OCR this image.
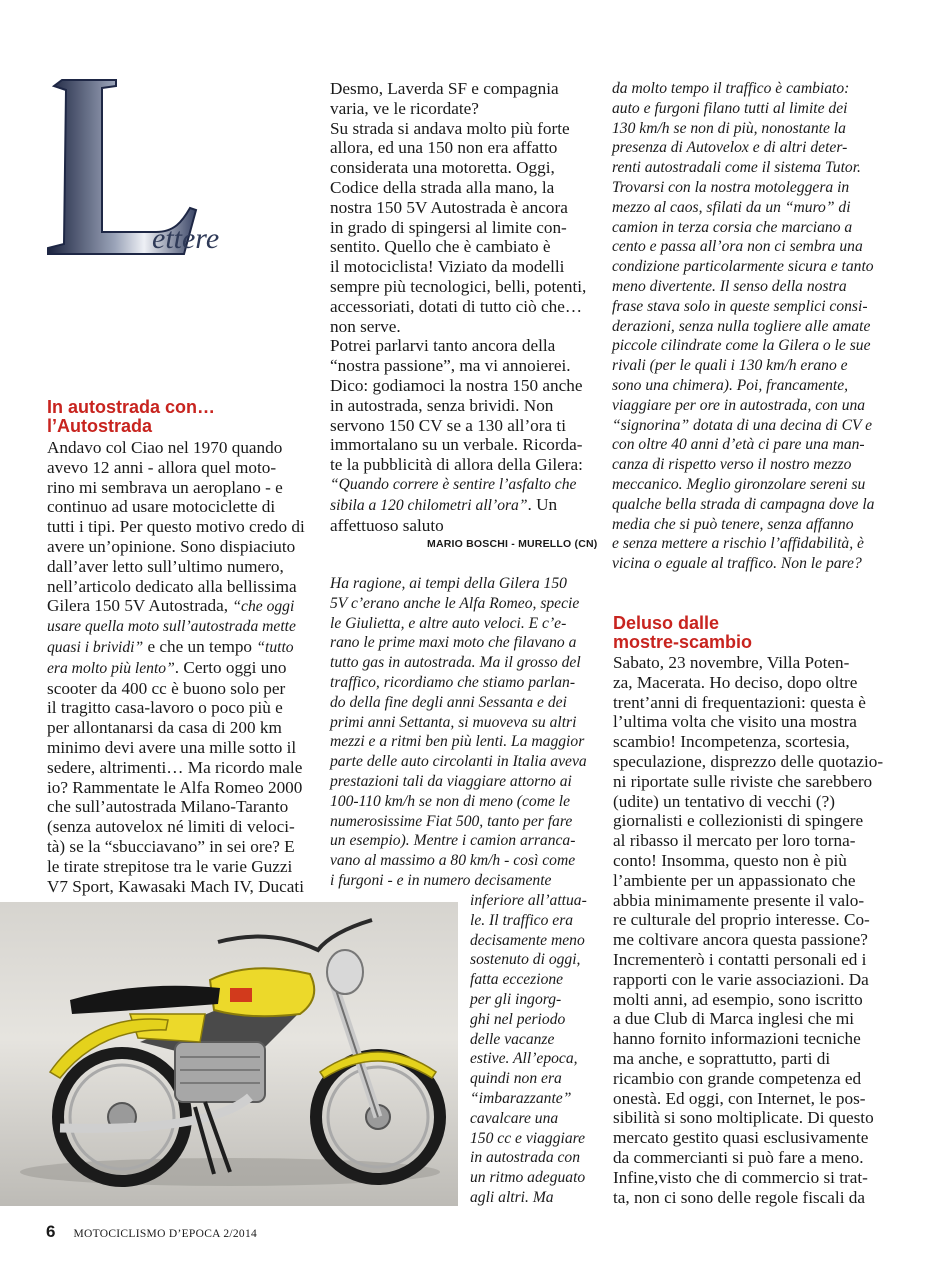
ettere
In autostrada con…
l’Autostrada
Andavo col Ciao nel 1970 quando
avevo 12 anni - allora quel moto-
rino mi sembrava un aeroplano - e
continuo ad usare motociclette di
tutti i tipi. Per questo motivo credo di
avere un’opinione. Sono dispiaciuto
dall’aver letto sull’ultimo numero,
nell’articolo dedicato alla bellissima
Gilera 150 5V Autostrada, “che oggi
usare quella moto sull’autostrada mette
quasi i brividi” e che un tempo “tutto
era molto più lento”. Certo oggi uno
scooter da 400 cc è buono solo per
il tragitto casa-lavoro o poco più e
per allontanarsi da casa di 200 km
minimo devi avere una mille sotto il
sedere, altrimenti… Ma ricordo male
io? Rammentate le Alfa Romeo 2000
che sull’autostrada Milano-Taranto
(senza autovelox né limiti di veloci-
tà) se la “sbucciavano” in sei ore? E
le tirate strepitose tra le varie Guzzi
V7 Sport, Kawasaki Mach IV, Ducati
Desmo, Laverda SF e compagnia
varia, ve le ricordate?
Su strada si andava molto più forte
allora, ed una 150 non era affatto
considerata una motoretta. Oggi,
Codice della strada alla mano, la
nostra 150 5V Autostrada è ancora
in grado di spingersi al limite con-
sentito. Quello che è cambiato è
il motociclista! Viziato da modelli
sempre più tecnologici, belli, potenti,
accessoriati, dotati di tutto ciò che…
non serve.
Potrei parlarvi tanto ancora della
“nostra passione”, ma vi annoierei.
Dico: godiamoci la nostra 150 anche
in autostrada, senza brividi. Non
servono 150 CV se a 130 all’ora ti
immortalano su un verbale. Ricorda-
te la pubblicità di allora della Gilera:
“Quando correre è sentire l’asfalto che
sibila a 120 chilometri all’ora”. Un
affettuoso saluto
MARIO BOSCHI - MURELLO (CN)
Ha ragione, ai tempi della Gilera 150
5V c’erano anche le Alfa Romeo, specie
le Giulietta, e altre auto veloci. E c’e-
rano le prime maxi moto che filavano a
tutto gas in autostrada. Ma il grosso del
traffico, ricordiamo che stiamo parlan-
do della fine degli anni Sessanta e dei
primi anni Settanta, si muoveva su altri
mezzi e a ritmi ben più lenti. La maggior
parte delle auto circolanti in Italia aveva
prestazioni tali da viaggiare attorno ai
100-110 km/h se non di meno (come le
numerosissime Fiat 500, tanto per fare
un esempio). Mentre i camion arranca-
vano al massimo a 80 km/h - così come
i furgoni - e in numero decisamente
inferiore all’attua-
le. Il traffico era
decisamente meno
sostenuto di oggi,
fatta eccezione
per gli ingorg-
ghi nel periodo
delle vacanze
estive. All’epoca,
quindi non era
“imbarazzante”
cavalcare una
150 cc e viaggiare
in autostrada con
un ritmo adeguato
agli altri. Ma
da molto tempo il traffico è cambiato:
auto e furgoni filano tutti al limite dei
130 km/h se non di più, nonostante la
presenza di Autovelox e di altri deter-
renti autostradali come il sistema Tutor.
Trovarsi con la nostra motoleggera in
mezzo al caos, sfilati da un “muro” di
camion in terza corsia che marciano a
cento e passa all’ora non ci sembra una
condizione particolarmente sicura e tanto
meno divertente. Il senso della nostra
frase stava solo in queste semplici consi-
derazioni, senza nulla togliere alle amate
piccole cilindrate come la Gilera o le sue
rivali (per le quali i 130 km/h erano e
sono una chimera). Poi, francamente,
viaggiare per ore in autostrada, con una
“signorina” dotata di una decina di CV e
con oltre 40 anni d’età ci pare una man-
canza di rispetto verso il nostro mezzo
meccanico. Meglio gironzolare sereni su
qualche bella strada di campagna dove la
media che si può tenere, senza affanno
e senza mettere a rischio l’affidabilità, è
vicina o eguale al traffico. Non le pare?
Deluso dalle
mostre-scambio
Sabato, 23 novembre, Villa Poten-
za, Macerata. Ho deciso, dopo oltre
trent’anni di frequentazioni: questa è
l’ultima volta che visito una mostra
scambio! Incompetenza, scortesia,
speculazione, disprezzo delle quotazio-
ni riportate sulle riviste che sarebbero
(udite) un tentativo di vecchi (?)
giornalisti e collezionisti di spingere
al ribasso il mercato per loro torna-
conto! Insomma, questo non è più
l’ambiente per un appassionato che
abbia minimamente presente il valo-
re culturale del proprio interesse. Co-
me coltivare ancora questa passione?
Incrementerò i contatti personali ed i
rapporti con le varie associazioni. Da
molti anni, ad esempio, sono iscritto
a due Club di Marca inglesi che mi
hanno fornito informazioni tecniche
ma anche, e soprattutto, parti di
ricambio con grande competenza ed
onestà. Ed oggi, con Internet, le pos-
sibilità si sono moltiplicate. Di questo
mercato gestito quasi esclusivamente
da commercianti si può fare a meno.
Infine,visto che di commercio si trat-
ta, non ci sono delle regole fiscali da
6 MOTOCICLISMO D’EPOCA 2/2014
